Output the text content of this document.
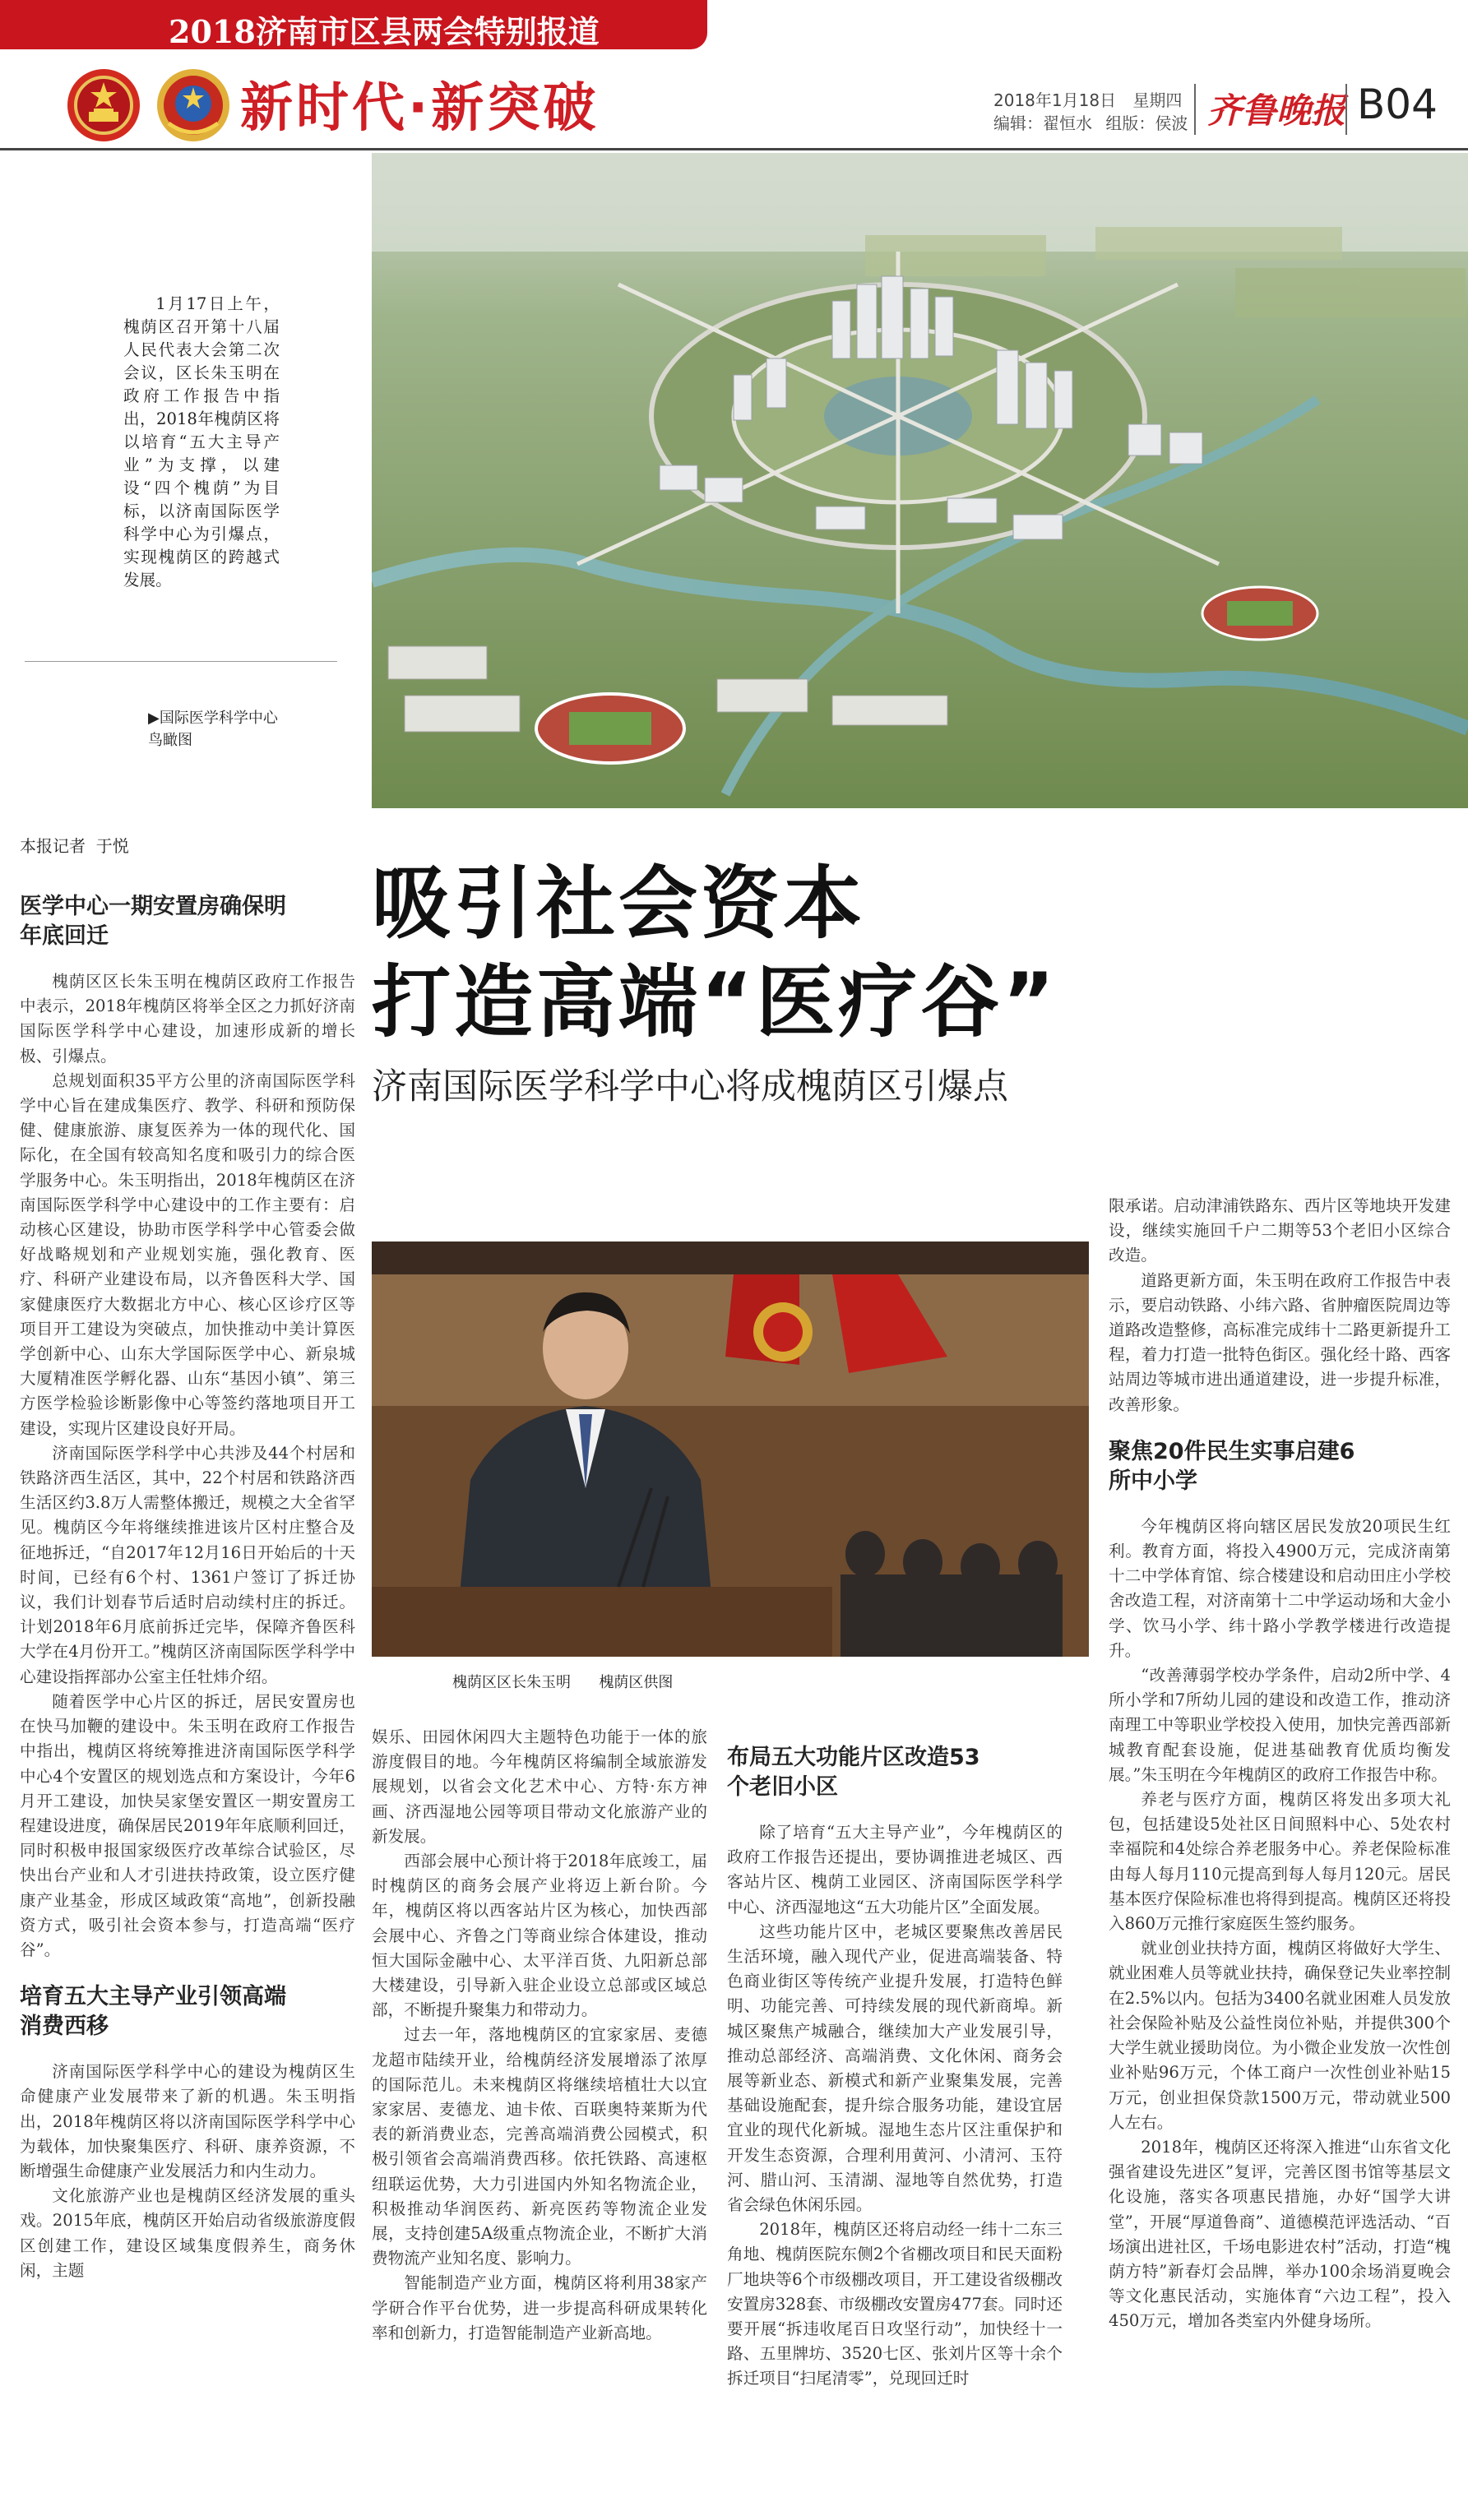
2018济南市区县两会特别报道
新时代·新突破	2018年1月18日 星期四
编辑：翟恒水 组版：侯波 齐鲁晚报 B04
1月17日上午，槐荫区召开第十八届人民代表大会第二次会议，区长朱玉明在政府工作报告中指出，2018年槐荫区将以培育“五大主导产业”为支撑，以建设“四个槐荫”为目标，以济南国际医学科学中心为引爆点，实现槐荫区的跨越式发展。
▶国际医学科学中心鸟瞰图
本报记者  于悦
吸引社会资本
打造高端“医疗谷”
济南国际医学科学中心将成槐荫区引爆点
医学中心一期安置房确保明年底回迁

槐荫区区长朱玉明在槐荫区政府工作报告中表示，2018年槐荫区将举全区之力抓好济南国际医学科学中心建设，加速形成新的增长极、引爆点。

总规划面积35平方公里的济南国际医学科学中心旨在建成集医疗、教学、科研和预防保健、健康旅游、康复医养为一体的现代化、国际化，在全国有较高知名度和吸引力的综合医学服务中心。朱玉明指出，2018年槐荫区在济南国际医学科学中心建设中的工作主要有：启动核心区建设，协助市医学科学中心管委会做好战略规划和产业规划实施，强化教育、医疗、科研产业建设布局，以齐鲁医科大学、国家健康医疗大数据北方中心、核心区诊疗区等项目开工建设为突破点，加快推动中美计算医学创新中心、山东大学国际医学中心、新泉城大厦精准医学孵化器、山东“基因小镇”、第三方医学检验诊断影像中心等签约落地项目开工建设，实现片区建设良好开局。

济南国际医学科学中心共涉及44个村居和铁路济西生活区，其中，22个村居和铁路济西生活区约3.8万人需整体搬迁，规模之大全省罕见。槐荫区今年将继续推进该片区村庄整合及征地拆迁，“自2017年12月16日开始后的十天时间，已经有6个村、1361户签订了拆迁协议，我们计划春节后适时启动续村庄的拆迁。计划2018年6月底前拆迁完毕，保障齐鲁医科大学在4月份开工。”槐荫区济南国际医学科学中心建设指挥部办公室主任牡炜介绍。

随着医学中心片区的拆迁，居民安置房也在快马加鞭的建设中。朱玉明在政府工作报告中指出，槐荫区将统筹推进济南国际医学科学中心4个安置区的规划选点和方案设计，今年6月开工建设，加快吴家堡安置区一期安置房工程建设进度，确保居民2019年年底顺利回迁，同时积极申报国家级医疗改革综合试验区，尽快出台产业和人才引进扶持政策，设立医疗健康产业基金，形成区域政策“高地”，创新投融资方式，吸引社会资本参与，打造高端“医疗谷”。

培育五大主导产业引领高端消费西移

济南国际医学科学中心的建设为槐荫区生命健康产业发展带来了新的机遇。朱玉明指出，2018年槐荫区将以济南国际医学科学中心为载体，加快聚集医疗、科研、康养资源，不断增强生命健康产业发展活力和内生动力。

文化旅游产业也是槐荫区经济发展的重头戏。2015年底，槐荫区开始启动省级旅游度假区创建工作，建设区域集度假养生，商务休闲，主题

槐荫区区长朱玉明      槐荫区供图

娱乐、田园休闲四大主题特色功能于一体的旅游度假目的地。今年槐荫区将编制全域旅游发展规划，以省会文化艺术中心、方特·东方神画、济西湿地公园等项目带动文化旅游产业的新发展。

西部会展中心预计将于2018年底竣工，届时槐荫区的商务会展产业将迈上新台阶。今年，槐荫区将以西客站片区为核心，加快西部会展中心、齐鲁之门等商业综合体建设，推动恒大国际金融中心、太平洋百货、九阳新总部大楼建设，引导新入驻企业设立总部或区域总部，不断提升聚集力和带动力。

过去一年，落地槐荫区的宜家家居、麦德龙超市陆续开业，给槐荫经济发展增添了浓厚的国际范儿。未来槐荫区将继续培植壮大以宜家家居、麦德龙、迪卡侬、百联奥特莱斯为代表的新消费业态，完善高端消费公园模式，积极引领省会高端消费西移。依托铁路、高速枢纽联运优势，大力引进国内外知名物流企业，积极推动华润医药、新亮医药等物流企业发展，支持创建5A级重点物流企业，不断扩大消费物流产业知名度、影响力。

智能制造产业方面，槐荫区将利用38家产学研合作平台优势，进一步提高科研成果转化率和创新力，打造智能制造产业新高地。

布局五大功能片区改造53个老旧小区

除了培育“五大主导产业”，今年槐荫区的政府工作报告还提出，要协调推进老城区、西客站片区、槐荫工业园区、济南国际医学科学中心、济西湿地这“五大功能片区”全面发展。

这些功能片区中，老城区要聚焦改善居民生活环境，融入现代产业，促进高端装备、特色商业街区等传统产业提升发展，打造特色鲜明、功能完善、可持续发展的现代新商埠。新城区聚焦产城融合，继续加大产业发展引导，推动总部经济、高端消费、文化休闲、商务会展等新业态、新模式和新产业聚集发展，完善基础设施配套，提升综合服务功能，建设宜居宜业的现代化新城。湿地生态片区注重保护和开发生态资源，合理利用黄河、小清河、玉符河、腊山河、玉清湖、湿地等自然优势，打造省会绿色休闲乐园。

2018年，槐荫区还将启动经一纬十二东三角地、槐荫医院东侧2个省棚改项目和民天面粉厂地块等6个市级棚改项目，开工建设省级棚改安置房328套、市级棚改安置房477套。同时还要开展“拆违收尾百日攻坚行动”，加快经十一路、五里牌坊、3520七区、张刘片区等十余个拆迁项目“扫尾清零”，兑现回迁时

限承诺。启动津浦铁路东、西片区等地块开发建设，继续实施回千户二期等53个老旧小区综合改造。

道路更新方面，朱玉明在政府工作报告中表示，要启动铁路、小纬六路、省肿瘤医院周边等道路改造整修，高标准完成纬十二路更新提升工程，着力打造一批特色街区。强化经十路、西客站周边等城市进出通道建设，进一步提升标准，改善形象。

聚焦20件民生实事启建6所中小学

今年槐荫区将向辖区居民发放20项民生红利。教育方面，将投入4900万元，完成济南第十二中学体育馆、综合楼建设和启动田庄小学校舍改造工程，对济南第十二中学运动场和大金小学、饮马小学、纬十路小学教学楼进行改造提升。

“改善薄弱学校办学条件，启动2所中学、4所小学和7所幼儿园的建设和改造工作，推动济南理工中等职业学校投入使用，加快完善西部新城教育配套设施，促进基础教育优质均衡发展。”朱玉明在今年槐荫区的政府工作报告中称。

养老与医疗方面，槐荫区将发出多项大礼包，包括建设5处社区日间照料中心、5处农村幸福院和4处综合养老服务中心。养老保险标准由每人每月110元提高到每人每月120元。居民基本医疗保险标准也将得到提高。槐荫区还将投入860万元推行家庭医生签约服务。

就业创业扶持方面，槐荫区将做好大学生、就业困难人员等就业扶持，确保登记失业率控制在2.5%以内。包括为3400名就业困难人员发放社会保险补贴及公益性岗位补贴，并提供300个大学生就业援助岗位。为小微企业发放一次性创业补贴96万元，个体工商户一次性创业补贴15万元，创业担保贷款1500万元，带动就业500人左右。

2018年，槐荫区还将深入推进“山东省文化强省建设先进区”复评，完善区图书馆等基层文化设施，落实各项惠民措施，办好“国学大讲堂”，开展“厚道鲁商”、道德模范评选活动、“百场演出进社区，千场电影进农村”活动，打造“槐荫方特”新春灯会品牌，举办100余场消夏晚会等文化惠民活动，实施体育“六边工程”，投入450万元，增加各类室内外健身场所。
